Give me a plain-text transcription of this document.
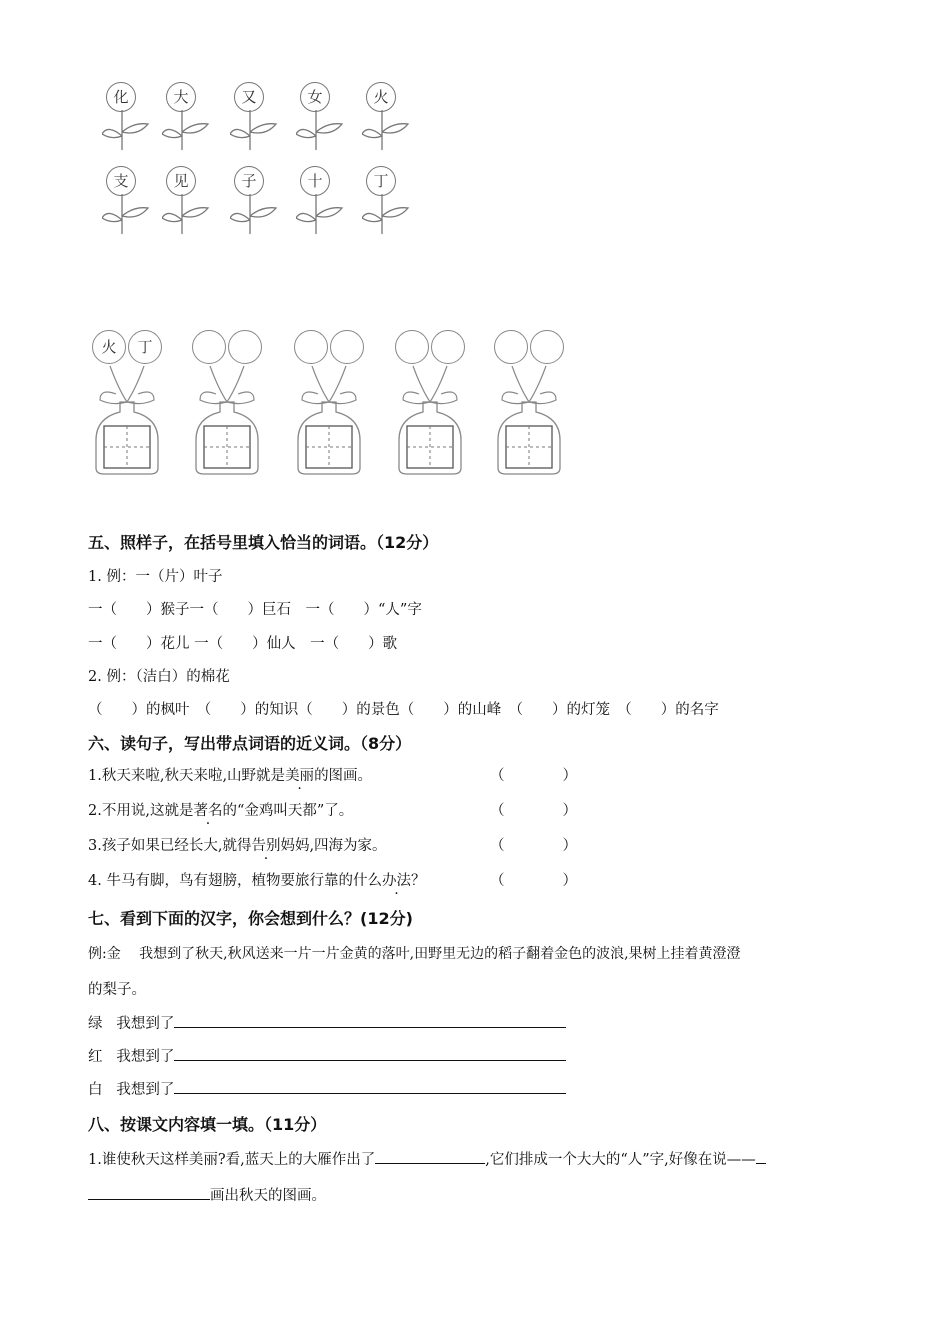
化	大	又	女	火
支	见	子	十	丁
火	丁
五、照样子，在括号里填入恰当的词语。（12分）
1. 例：一（片）叶子
一（　　）猴子一（　　）巨石　一（　　）“人”字
一（　　）花儿 一（　　）仙人　一（　　）歌
2. 例：（洁白）的棉花
（　　）的枫叶　（　　）的知识（　　）的景色（　　）的山峰　（　　）的灯笼　（　　）的名字
六、读句子，写出带点词语的近义词。（8分）
1.秋天来啦,秋天来啦,山野就是美丽的图画。	（　　　　）
2.不用说,这就是著名的“金鸡叫天都”了。	（　　　　）
3.孩子如果已经长大,就得告别妈妈,四海为家。	（　　　　）
4. 牛马有脚，鸟有翅膀，植物要旅行靠的什么办法？	（　　　　）
七、看到下面的汉字，你会想到什么？(12分)
例:金　 我想到了秋天,秋风送来一片一片金黄的落叶,田野里无边的稻子翻着金色的波浪,果树上挂着黄澄澄
的梨子。
绿 我想到了
红 我想到了
白 我想到了
八、按课文内容填一填。（11分）
1.谁使秋天这样美丽?看,蓝天上的大雁作出了	,它们排成一个大大的“人”字,好像在说——
画出秋天的图画。
